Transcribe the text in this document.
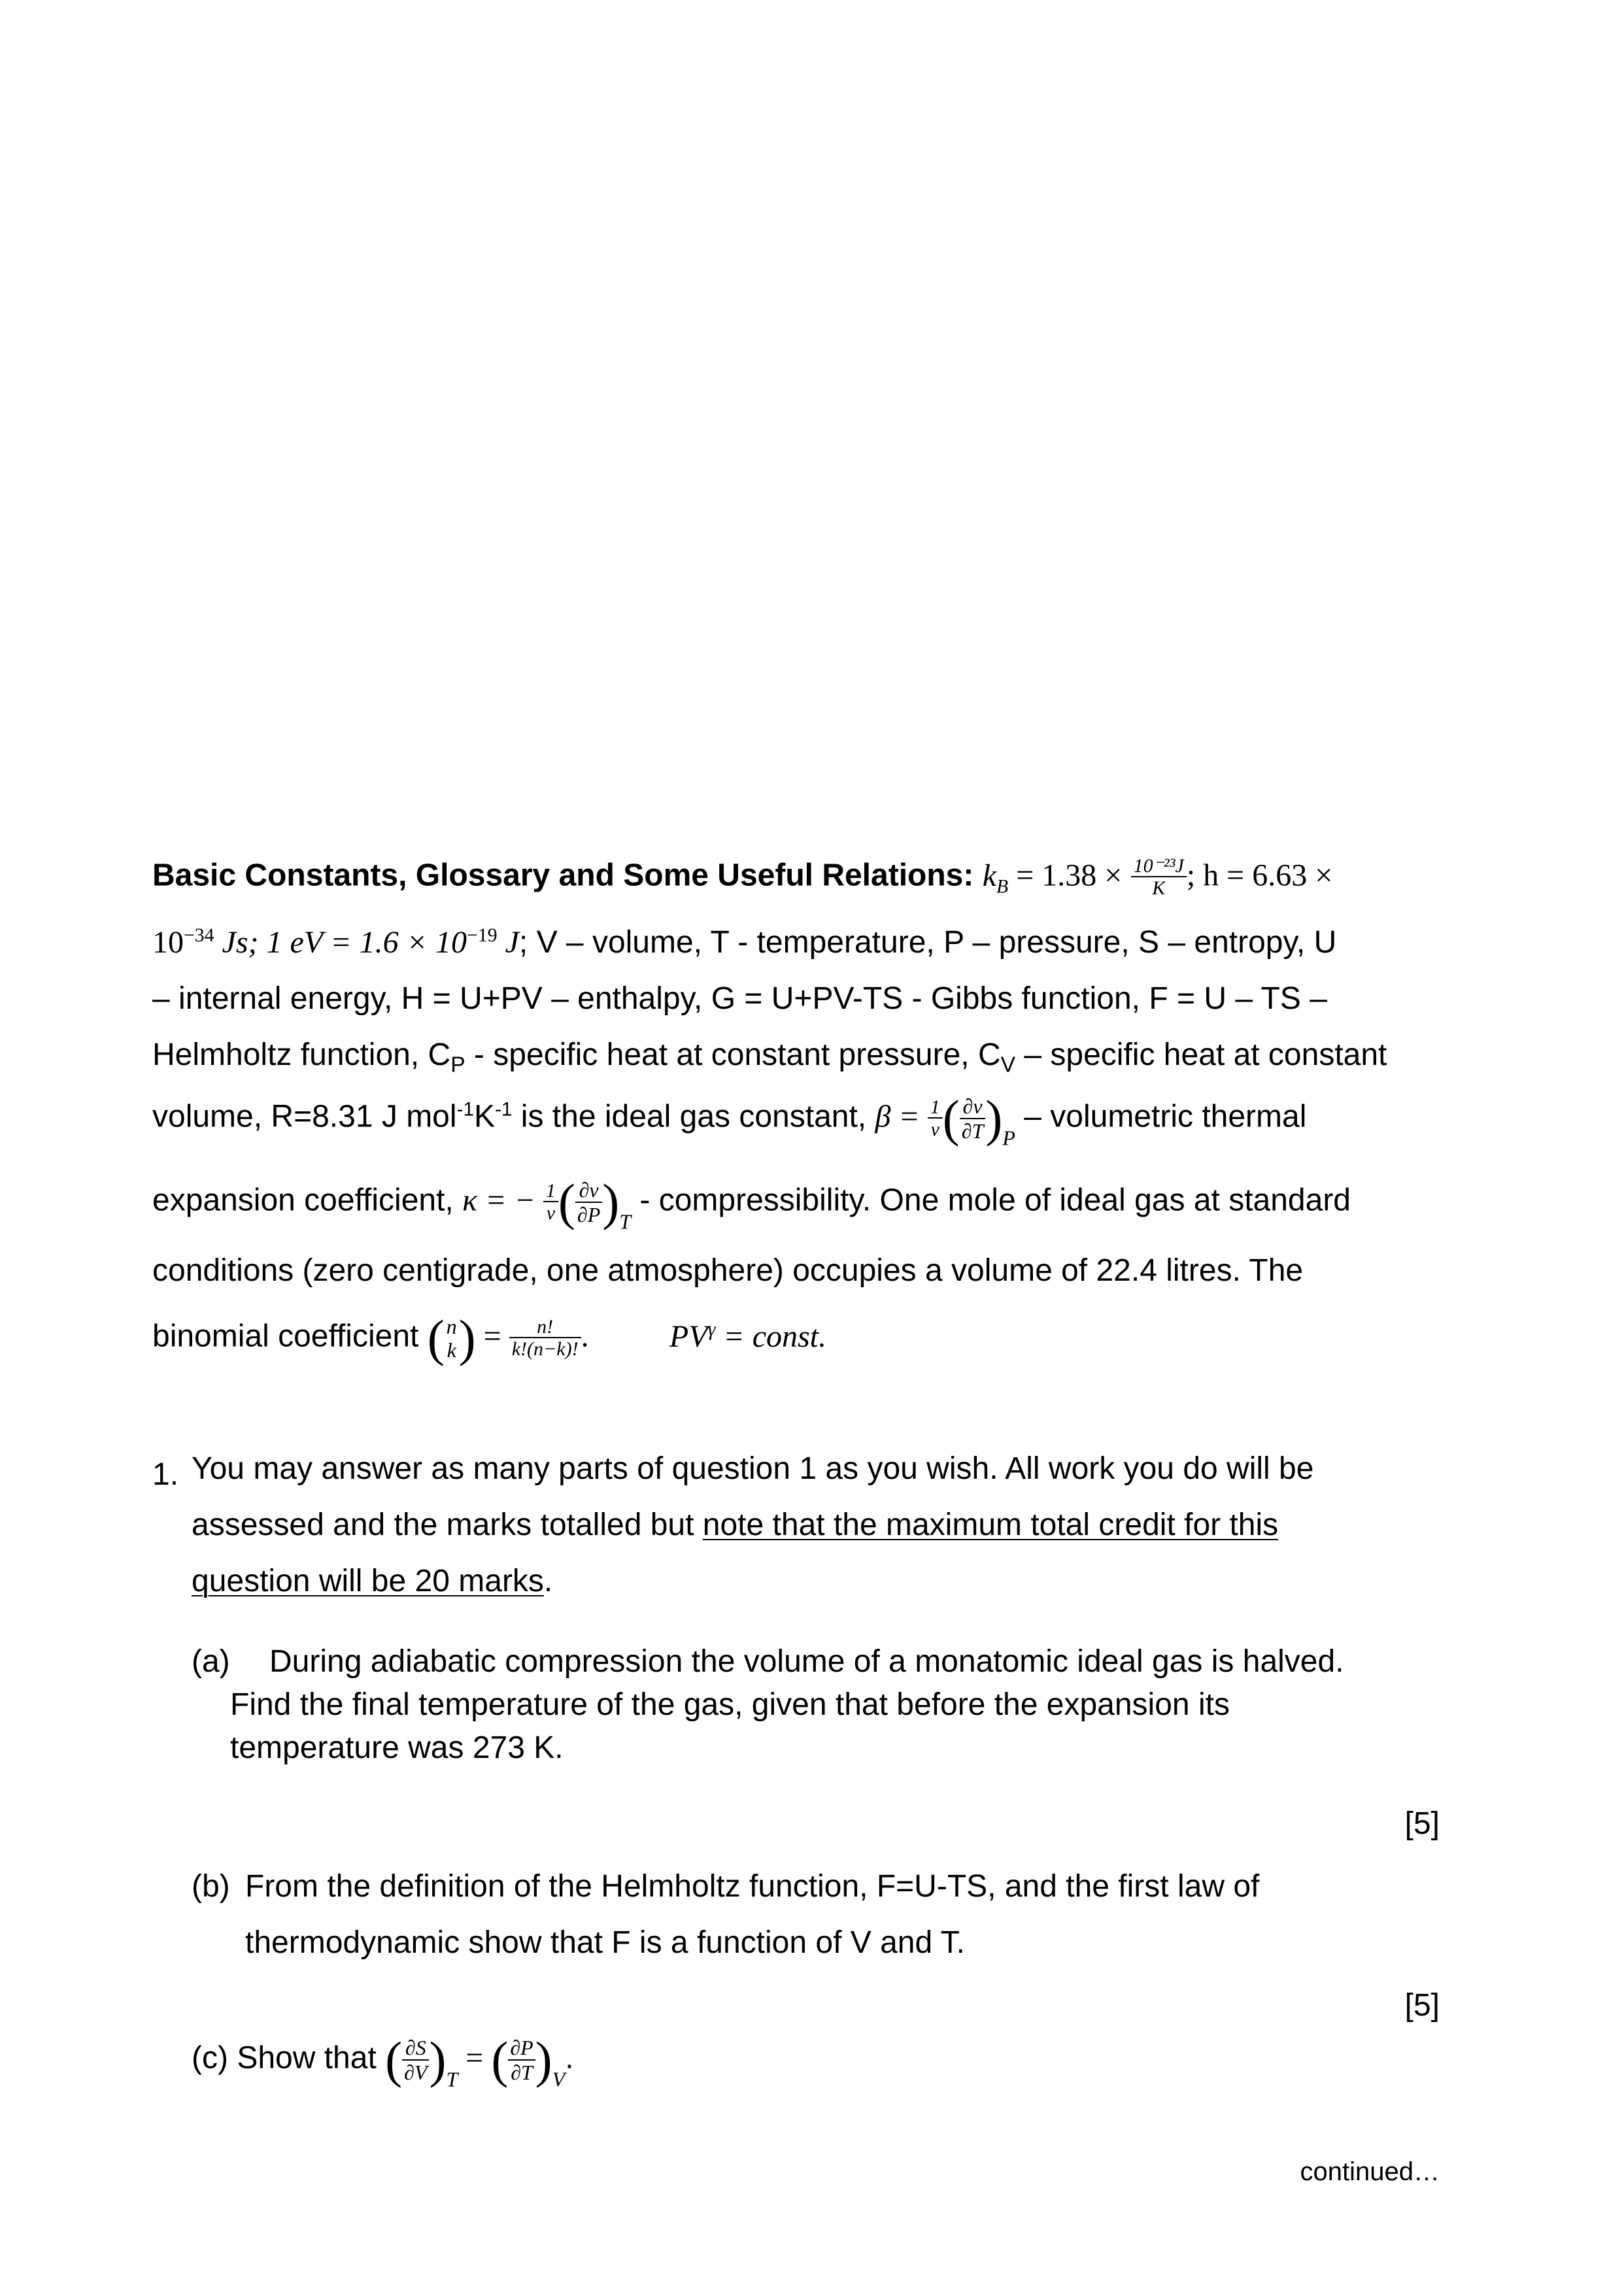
Basic Constants, Glossary and Some Useful Relations: $k_B = 1.38 \times \frac{\text{10⁻²³J}}{K}$ ; h = 6.63 ×
$10^{-34}$ Js; 1 eV = $1.6 \times 10^{-19}$ J; V – volume, T - temperature, P – pressure, S – entropy, U
– internal energy, H = U+PV – enthalpy, G = U+PV-TS - Gibbs function, F = U – TS –
Helmholtz function, $C_P$ - specific heat at constant pressure, $C_V$ – specific heat at constant
volume, R=8.31 J $mol^{-1}K^{-1}$ is the ideal gas constant, $\beta = \frac{1}{v}$ ( $\frac{\partial v}{\partial T} )_P$ – volumetric thermal
expansion coefficient, κ = − $\frac{1}{v}$ ( $\frac{\partial v}{\partial P} )_T$ - compressibility. One mole of ideal gas at standard
conditions (zero centigrade, one atmosphere) occupies a volume of 22.4 litres. The
binomial coefficient ( n
k ) = $\frac{n!}{k!(n-k)!}$ .	$PV^\gamma$ = const.
1. You may answer as many parts of question 1 as you wish. All work you do will be assessed and the marks totalled but note that the maximum total credit for this question will be 20 marks.
(a) During adiabatic compression the volume of a monatomic ideal gas is halved.
Find the final temperature of the gas, given that before the expansion its
temperature was 273 K.
[5]
(b) From the definition of the Helmholtz function, F=U-TS, and the first law of
thermodynamic show that F is a function of V and T.
[5]
(c) Show that ( $\frac{\partial S}{\partial V} )_T$ = ( $\frac{\partial P}{\partial T} )_V$.
continued…
